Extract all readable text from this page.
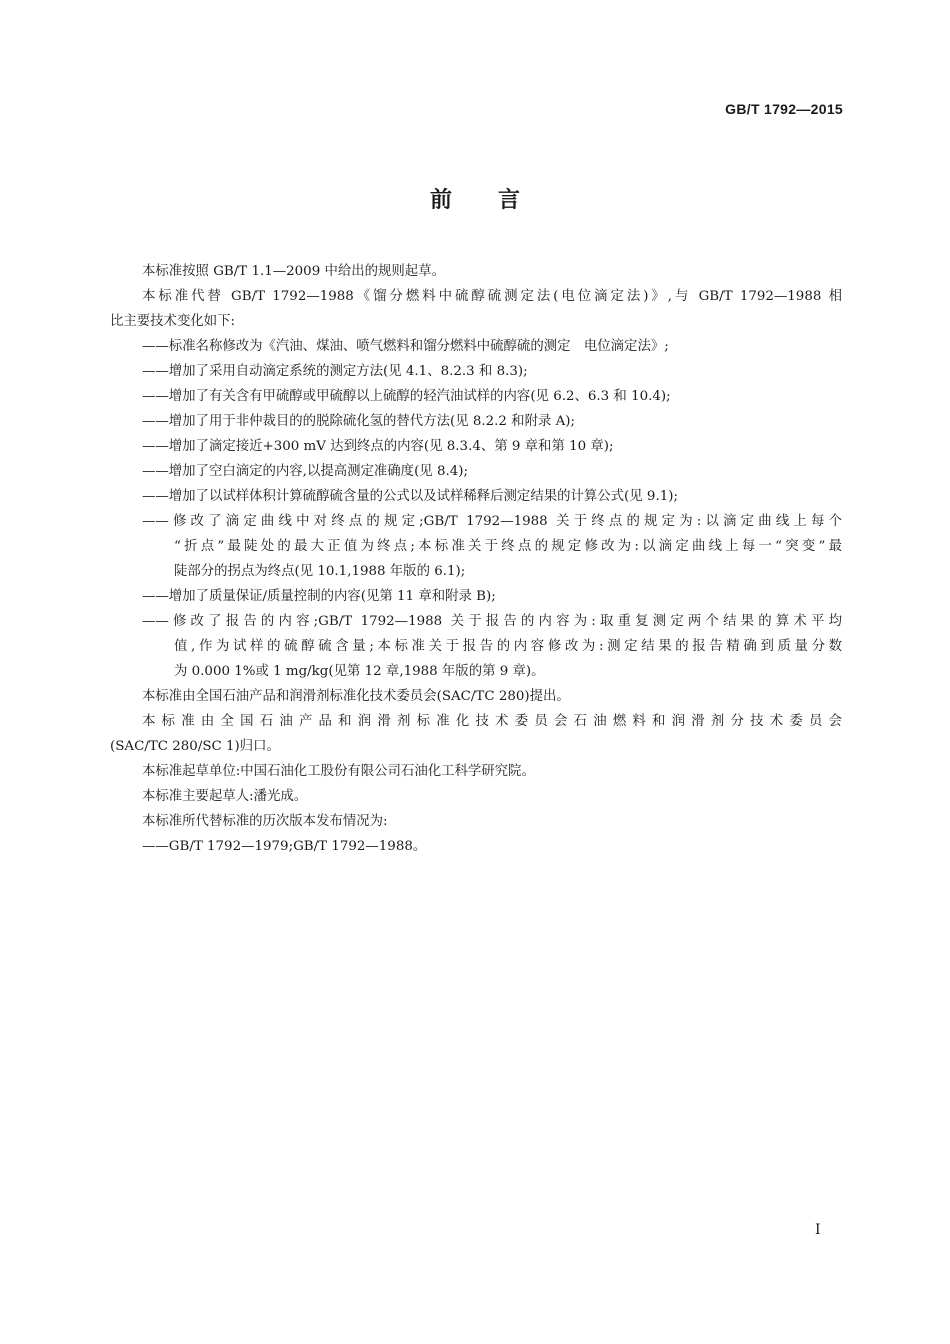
GB/T 1792—2015
前言
本标准按照 GB/T 1.1—2009 中给出的规则起草。
本标准代替 GB/T 1792—1988《馏分燃料中硫醇硫测定法(电位滴定法)》,与 GB/T 1792—1988 相
比主要技术变化如下:
——标准名称修改为《汽油、煤油、喷气燃料和馏分燃料中硫醇硫的测定　电位滴定法》;
——增加了采用自动滴定系统的测定方法(见 4.1、8.2.3 和 8.3);
——增加了有关含有甲硫醇或甲硫醇以上硫醇的轻汽油试样的内容(见 6.2、6.3 和 10.4);
——增加了用于非仲裁目的的脱除硫化氢的替代方法(见 8.2.2 和附录 A);
——增加了滴定接近+300 mV 达到终点的内容(见 8.3.4、第 9 章和第 10 章);
——增加了空白滴定的内容,以提高测定准确度(见 8.4);
——增加了以试样体积计算硫醇硫含量的公式以及试样稀释后测定结果的计算公式(见 9.1);
——修改了滴定曲线中对终点的规定;GB/T 1792—1988 关于终点的规定为:以滴定曲线上每个
“折点”最陡处的最大正值为终点;本标准关于终点的规定修改为:以滴定曲线上每一“突变”最
陡部分的拐点为终点(见 10.1,1988 年版的 6.1);
——增加了质量保证/质量控制的内容(见第 11 章和附录 B);
——修改了报告的内容;GB/T 1792—1988 关于报告的内容为:取重复测定两个结果的算术平均
值,作为试样的硫醇硫含量;本标准关于报告的内容修改为:测定结果的报告精确到质量分数
为 0.000 1%或 1 mg/kg(见第 12 章,1988 年版的第 9 章)。
本标准由全国石油产品和润滑剂标准化技术委员会(SAC/TC 280)提出。
本标准由全国石油产品和润滑剂标准化技术委员会石油燃料和润滑剂分技术委员会
(SAC/TC 280/SC 1)归口。
本标准起草单位:中国石油化工股份有限公司石油化工科学研究院。
本标准主要起草人:潘光成。
本标准所代替标准的历次版本发布情况为:
——GB/T 1792—1979;GB/T 1792—1988。
I
